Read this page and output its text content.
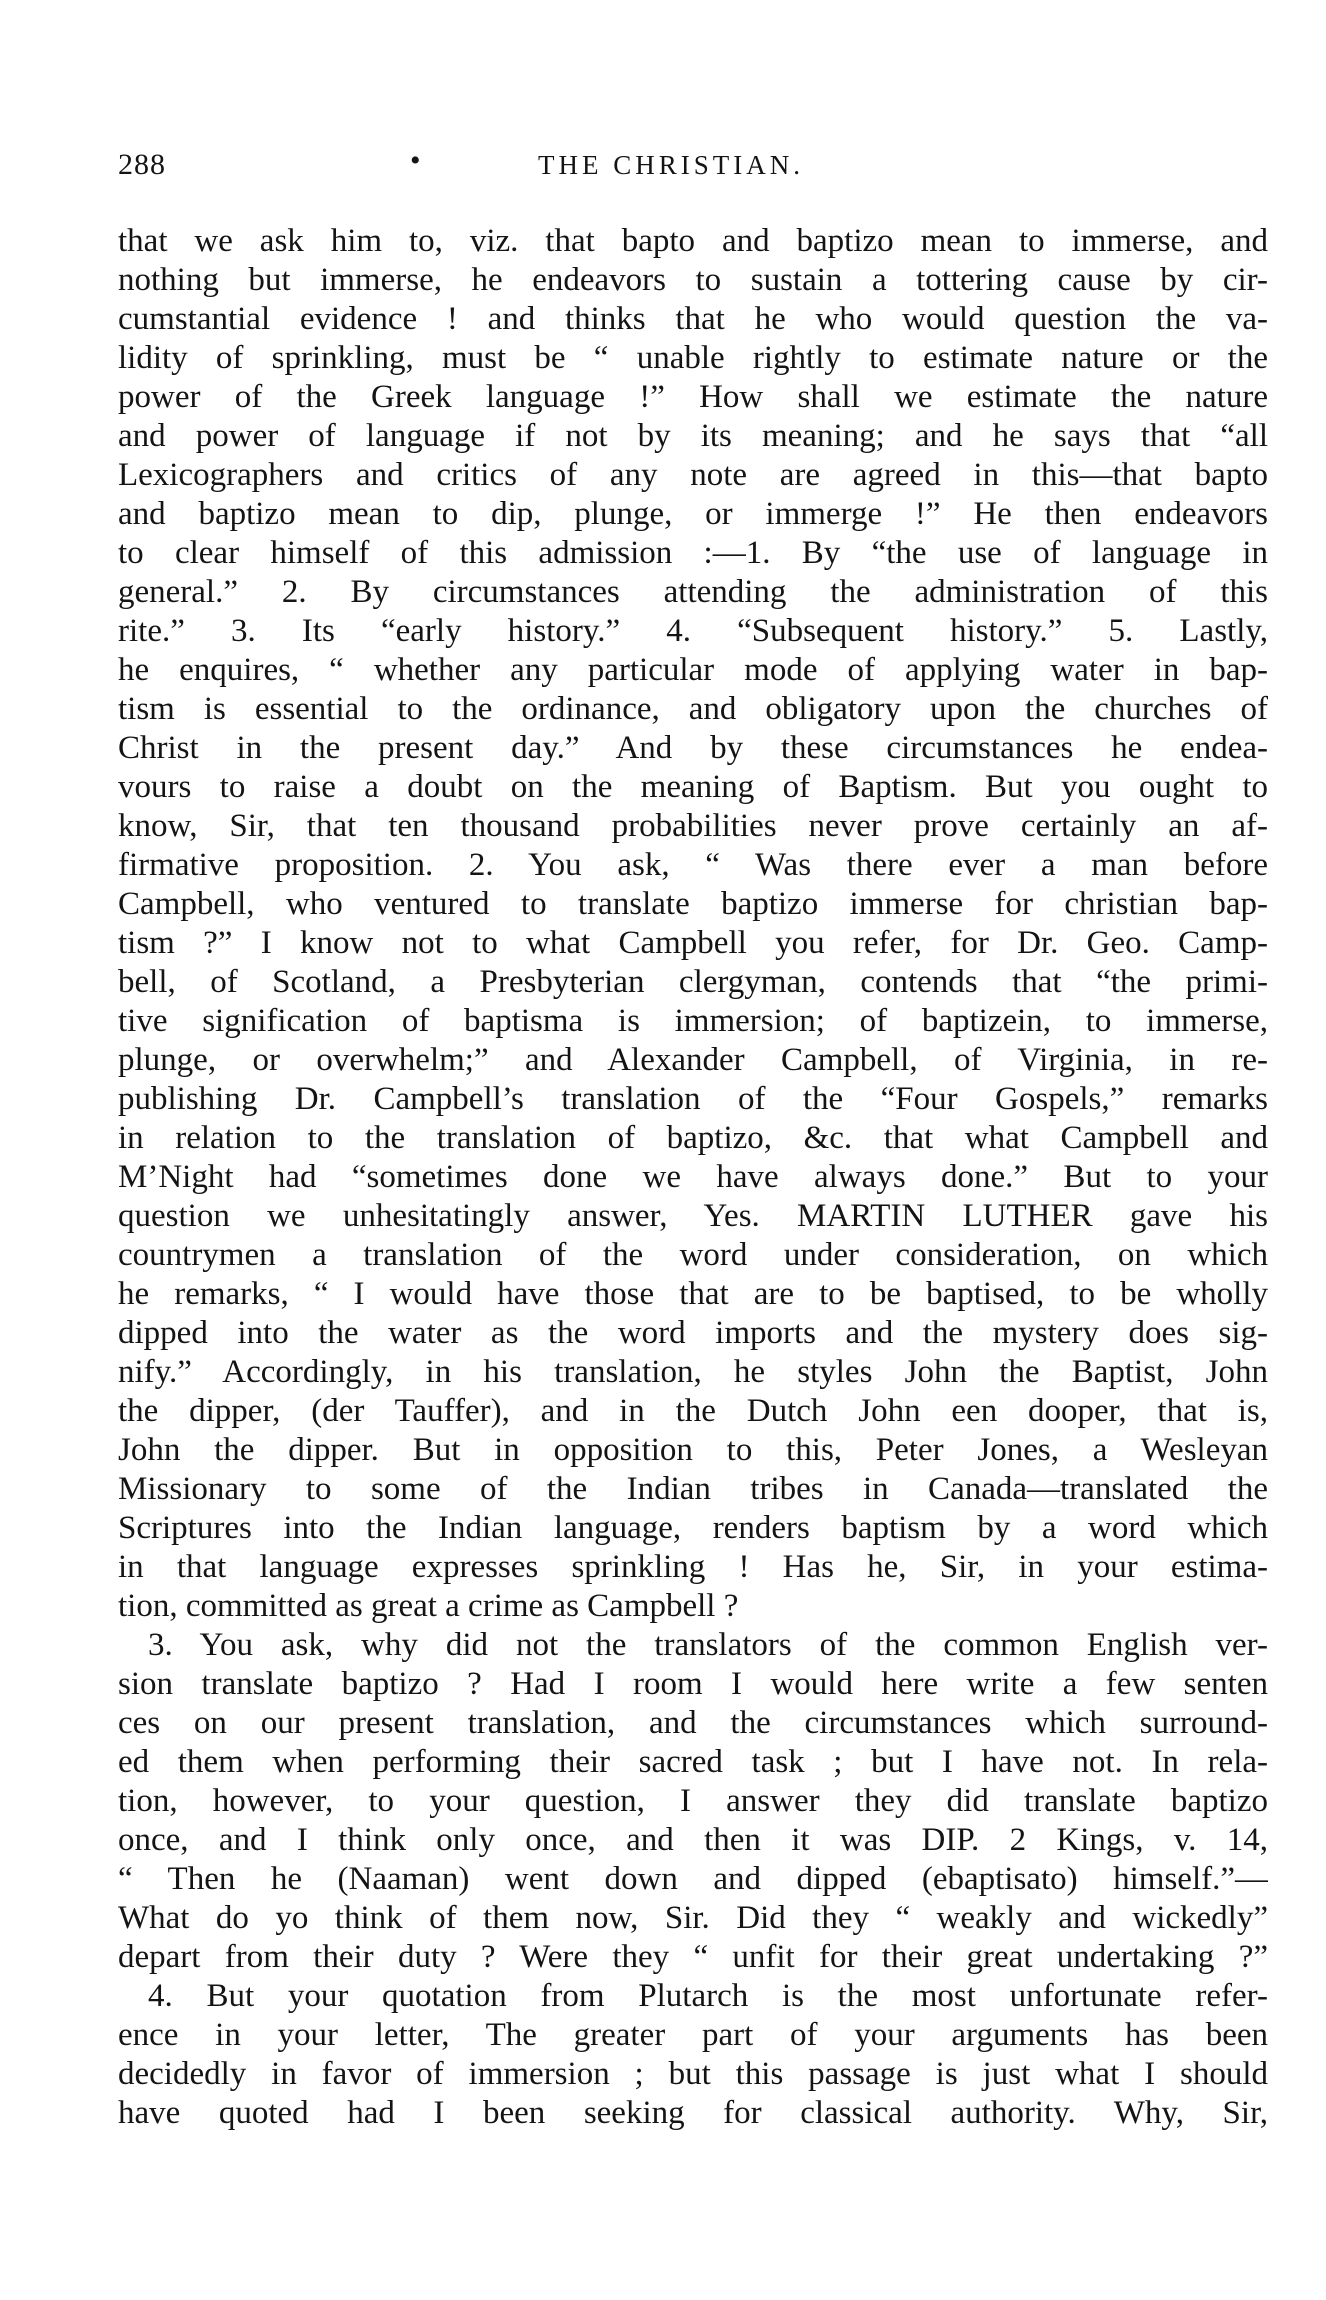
288	•	THE CHRISTIAN.
that we ask him to, viz. that bapto and baptizo mean to immerse, and
nothing but immerse, he endeavors to sustain a tottering cause by cir-
cumstantial evidence ! and thinks that he who would question the va-
lidity of sprinkling, must be “ unable rightly to estimate nature or the
power of the Greek language !” How shall we estimate the nature
and power of language if not by its meaning; and he says that “all
Lexicographers and critics of any note are agreed in this—that bapto
and baptizo mean to dip, plunge, or immerge !” He then endeavors
to clear himself of this admission :—1. By “the use of language in
general.” 2. By circumstances attending the administration of this
rite.” 3. Its “early history.” 4. “Subsequent history.” 5. Lastly,
he enquires, “ whether any particular mode of applying water in bap-
tism is essential to the ordinance, and obligatory upon the churches of
Christ in the present day.” And by these circumstances he endea-
vours to raise a doubt on the meaning of Baptism. But you ought to
know, Sir, that ten thousand probabilities never prove certainly an af-
firmative proposition. 2. You ask, “ Was there ever a man before
Campbell, who ventured to translate baptizo immerse for christian bap-
tism ?” I know not to what Campbell you refer, for Dr. Geo. Camp-
bell, of Scotland, a Presbyterian clergyman, contends that “the primi-
tive signification of baptisma is immersion; of baptizein, to immerse,
plunge, or overwhelm;” and Alexander Campbell, of Virginia, in re-
publishing Dr. Campbell’s translation of the “Four Gospels,” remarks
in relation to the translation of baptizo, &c. that what Campbell and
M’Night had “sometimes done we have always done.” But to your
question we unhesitatingly answer, Yes. MARTIN LUTHER gave his
countrymen a translation of the word under consideration, on which
he remarks, “ I would have those that are to be baptised, to be wholly
dipped into the water as the word imports and the mystery does sig-
nify.” Accordingly, in his translation, he styles John the Baptist, John
the dipper, (der Tauffer), and in the Dutch John een dooper, that is,
John the dipper. But in opposition to this, Peter Jones, a Wesleyan
Missionary to some of the Indian tribes in Canada—translated the
Scriptures into the Indian language, renders baptism by a word which
in that language expresses sprinkling ! Has he, Sir, in your estima-
tion, committed as great a crime as Campbell ?
3. You ask, why did not the translators of the common English ver-
sion translate baptizo ? Had I room I would here write a few senten
ces on our present translation, and the circumstances which surround-
ed them when performing their sacred task ; but I have not. In rela-
tion, however, to your question, I answer they did translate baptizo
once, and I think only once, and then it was DIP. 2 Kings, v. 14,
“ Then he (Naaman) went down and dipped (ebaptisato) himself.”—
What do yo think of them now, Sir. Did they “ weakly and wickedly”
depart from their duty ? Were they “ unfit for their great undertaking ?”
4. But your quotation from Plutarch is the most unfortunate refer-
ence in your letter, The greater part of your arguments has been
decidedly in favor of immersion ; but this passage is just what I should
have quoted had I been seeking for classical authority. Why, Sir,
